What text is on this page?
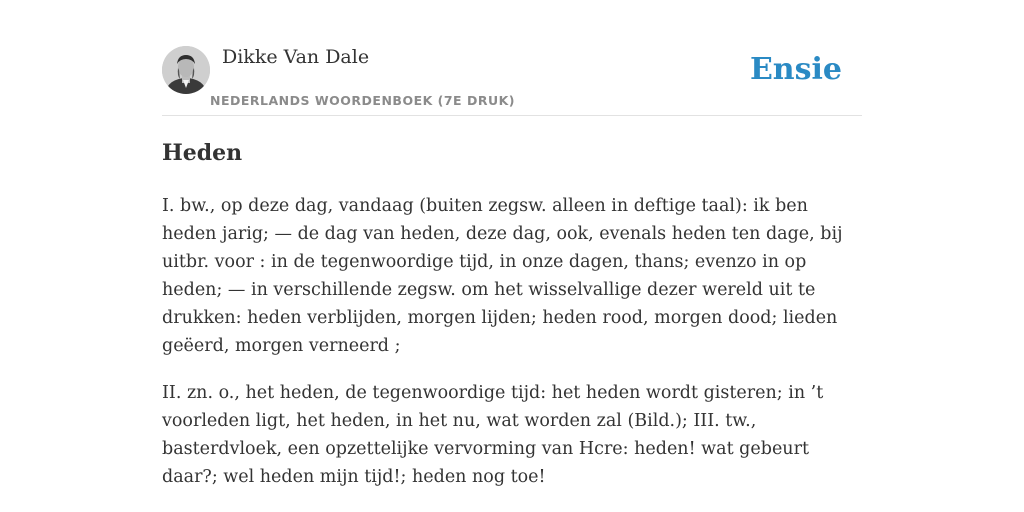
Dikke Van Dale
NEDERLANDS WOORDENBOEK (7E DRUK)
Ensie
Heden

I. bw., op deze dag, vandaag (buiten zegsw. alleen in deftige taal): ik ben heden jarig; — de dag van heden, deze dag, ook, evenals heden ten dage, bij uitbr. voor : in de tegenwoordige tijd, in onze dagen, thans; evenzo in op heden; — in verschillende zegsw. om het wisselvallige dezer wereld uit te drukken: heden verblijden, morgen lijden; heden rood, morgen dood; lieden geëerd, morgen verneerd ;

II. zn. o., het heden, de tegenwoordige tijd: het heden wordt gisteren; in ’t voorleden ligt, het heden, in het nu, wat worden zal (Bild.); III. tw., basterdvloek, een opzettelijke vervorming van Hcre: heden! wat gebeurt daar?; wel heden mijn tijd!; heden nog toe!
